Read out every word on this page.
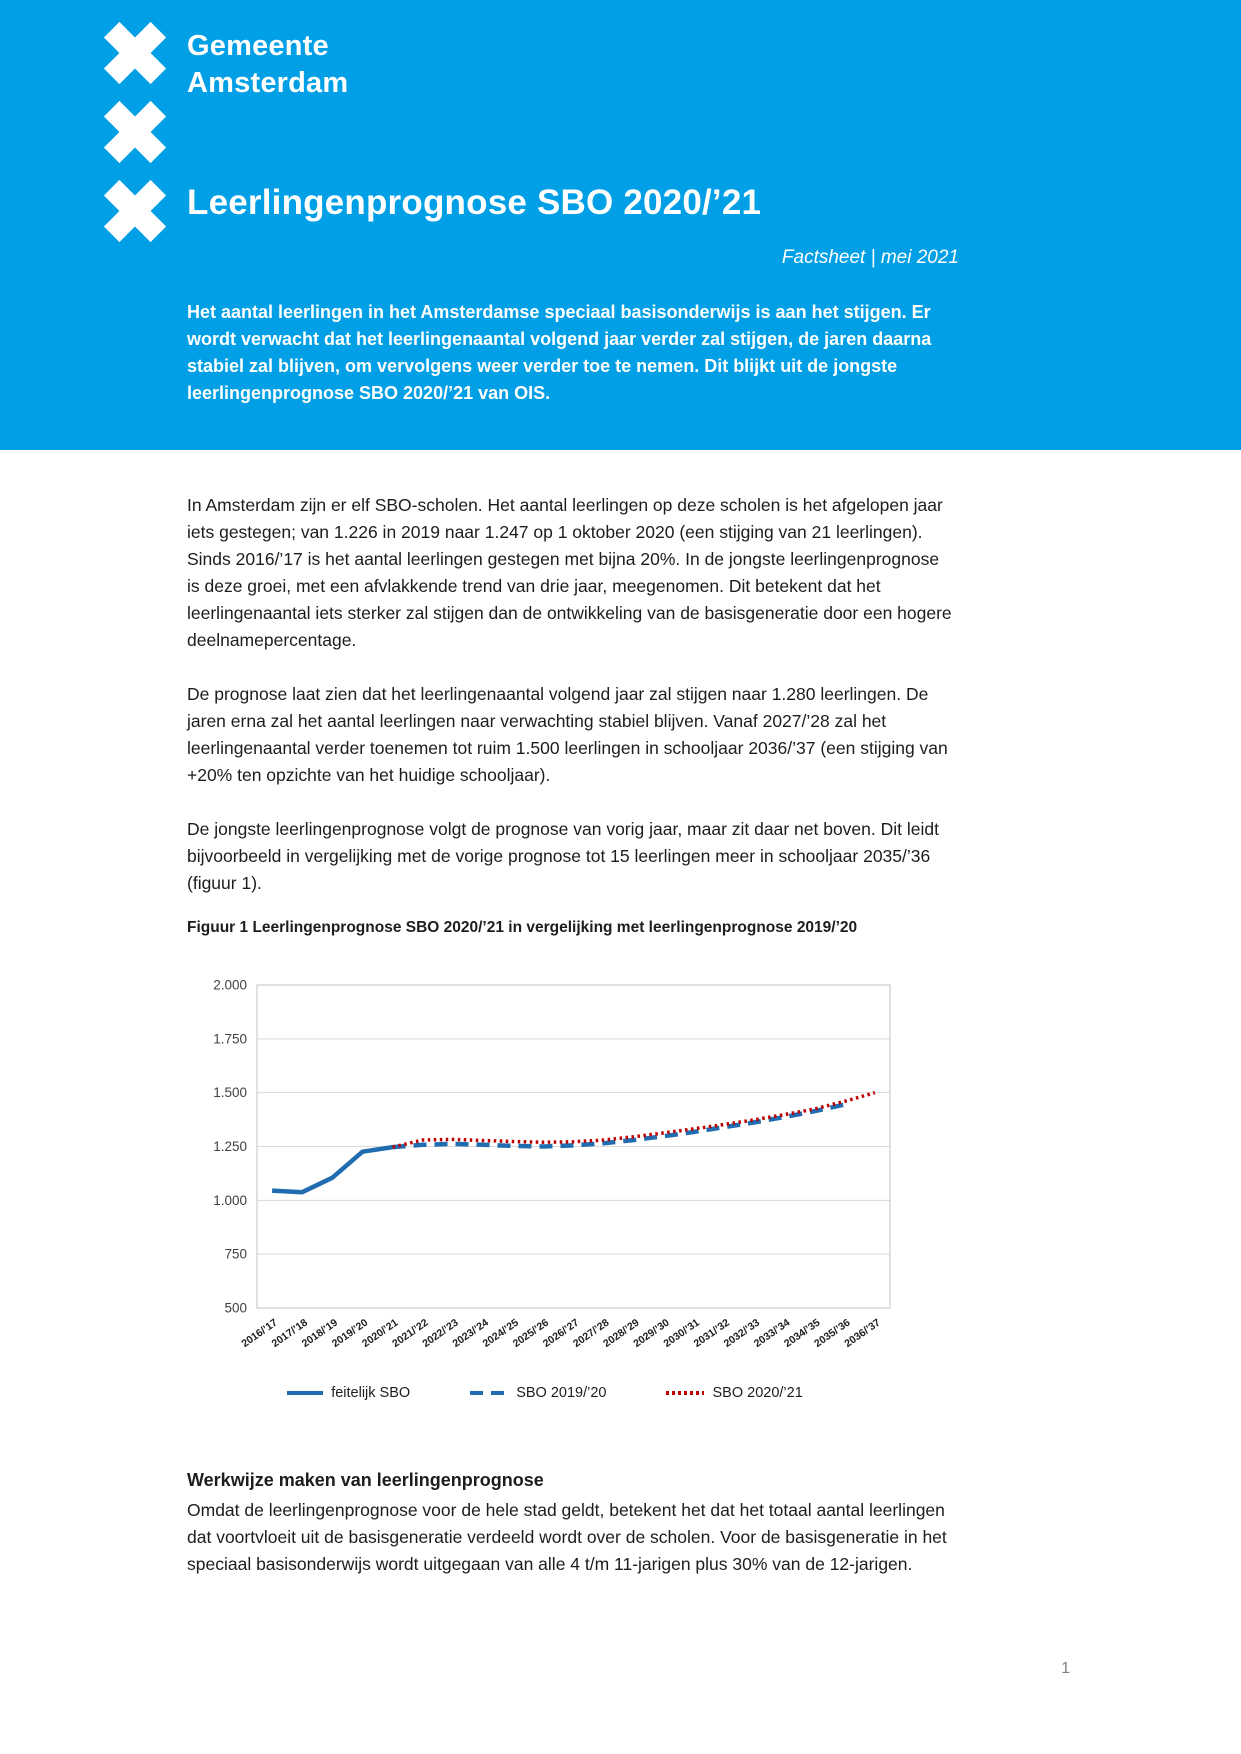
Gemeente
Amsterdam
Leerlingenprognose SBO 2020/’21
Factsheet | mei 2021
Het aantal leerlingen in het Amsterdamse speciaal basisonderwijs is aan het stijgen. Er wordt verwacht dat het leerlingenaantal volgend jaar verder zal stijgen, de jaren daarna stabiel zal blijven, om vervolgens weer verder toe te nemen. Dit blijkt uit de jongste leerlingenprognose SBO 2020/’21 van OIS.
In Amsterdam zijn er elf SBO-scholen. Het aantal leerlingen op deze scholen is het afgelopen jaar iets gestegen; van 1.226 in 2019 naar 1.247 op 1 oktober 2020 (een stijging van 21 leerlingen). Sinds 2016/’17 is het aantal leerlingen gestegen met bijna 20%. In de jongste leerlingenprognose is deze groei, met een afvlakkende trend van drie jaar, meegenomen. Dit betekent dat het leerlingenaantal iets sterker zal stijgen dan de ontwikkeling van de basisgeneratie door een hogere deelnamepercentage.
De prognose laat zien dat het leerlingenaantal volgend jaar zal stijgen naar 1.280 leerlingen. De jaren erna zal het aantal leerlingen naar verwachting stabiel blijven. Vanaf 2027/’28 zal het leerlingenaantal verder toenemen tot ruim 1.500 leerlingen in schooljaar 2036/’37 (een stijging van +20% ten opzichte van het huidige schooljaar).
De jongste leerlingenprognose volgt de prognose van vorig jaar, maar zit daar net boven. Dit leidt bijvoorbeeld in vergelijking met de vorige prognose tot 15 leerlingen meer in schooljaar 2035/’36 (figuur 1).
Figuur 1 Leerlingenprognose SBO 2020/’21 in vergelijking met leerlingenprognose 2019/’20
2.000
1.750
1.500
1.250
1.000
750
500
2016/’17
2017/’18
2018/’19
2019/’20
2020/’21
2021/’22
2022/’23
2023/’24
2024/’25
2025/’26
2026/’27
2027/’28
2028/’29
2029/’30
2030/’31
2031/’32
2032/’33
2033/’34
2034/’35
2035/’36
2036/’37
feitelijk SBO	SBO 2019/’20	SBO 2020/’21
Werkwijze maken van leerlingenprognose
Omdat de leerlingenprognose voor de hele stad geldt, betekent het dat het totaal aantal leerlingen dat voortvloeit uit de basisgeneratie verdeeld wordt over de scholen. Voor de basisgeneratie in het speciaal basisonderwijs wordt uitgegaan van alle 4 t/m 11-jarigen plus 30% van de 12-jarigen.
1
